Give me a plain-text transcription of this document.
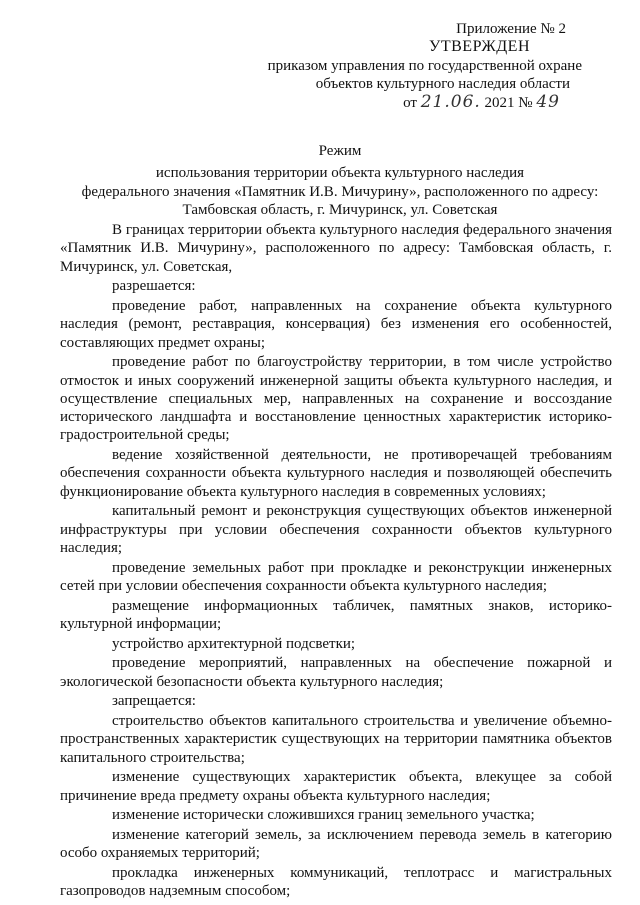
Приложение № 2
УТВЕРЖДЕН
приказом управления по государственной охране
объектов культурного наследия области
от 21.06. 2021 № 49
Режим
использования территории объекта культурного наследия
федерального значения «Памятник И.В. Мичурину», расположенного по адресу:
Тамбовская область, г. Мичуринск, ул. Советская

В границах территории объекта культурного наследия федерального значения «Памятник И.В. Мичурину», расположенного по адресу: Тамбовская область, г. Мичуринск, ул. Советская,

разрешается:

проведение работ, направленных на сохранение объекта культурного наследия (ремонт, реставрация, консервация) без изменения его особенностей, составляющих предмет охраны;

проведение работ по благоустройству территории, в том числе устройство отмосток и иных сооружений инженерной защиты объекта культурного наследия, и осуществление специальных мер, направленных на сохранение и воссоздание исторического ландшафта и восстановление ценностных характеристик историко-градостроительной среды;

ведение хозяйственной деятельности, не противоречащей требованиям обеспечения сохранности объекта культурного наследия и позволяющей обеспечить функционирование объекта культурного наследия в современных условиях;

капитальный ремонт и реконструкция существующих объектов инженерной инфраструктуры при условии обеспечения сохранности объектов культурного наследия;

проведение земельных работ при прокладке и реконструкции инженерных сетей при условии обеспечения сохранности объекта культурного наследия;

размещение информационных табличек, памятных знаков, историко-культурной информации;

устройство архитектурной подсветки;

проведение мероприятий, направленных на обеспечение пожарной и экологической безопасности объекта культурного наследия;

запрещается:

строительство объектов капитального строительства и увеличение объемно-пространственных характеристик существующих на территории памятника объектов капитального строительства;

изменение существующих характеристик объекта, влекущее за собой причинение вреда предмету охраны объекта культурного наследия;

изменение исторически сложившихся границ земельного участка;

изменение категорий земель, за исключением перевода земель в категорию особо охраняемых территорий;

прокладка инженерных коммуникаций, теплотрасс и магистральных газопроводов надземным способом;
